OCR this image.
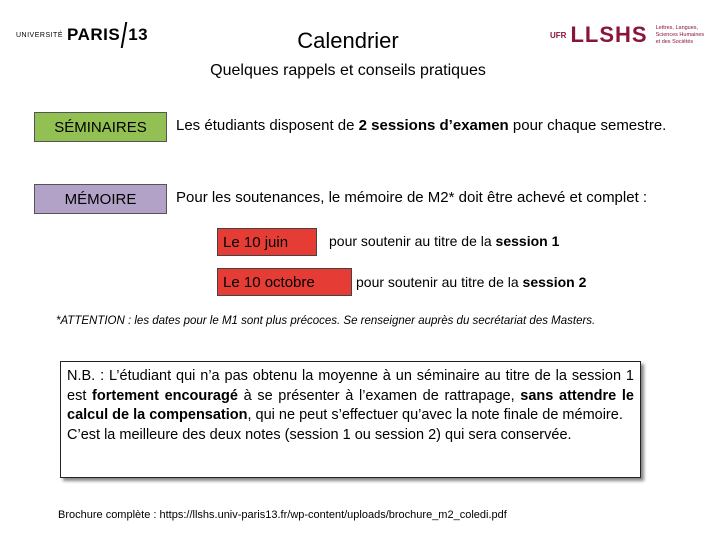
UNIVERSITÉ PARIS 13	Calendrier	UFR LLSHS Lettres, Langues,
Sciences Humaines
et des Sociétés
Quelques rappels et conseils pratiques
SÉMINAIRES Les étudiants disposent de 2 sessions d’examen pour chaque semestre.
MÉMOIRE	Pour les soutenances, le mémoire de M2* doit être achevé et complet :
Le 10 juin	pour soutenir au titre de la session 1
Le 10 octobre	pour soutenir au titre de la session 2
*ATTENTION : les dates pour le M1 sont plus précoces. Se renseigner auprès du secrétariat des Masters.

N.B. : L’étudiant qui n’a pas obtenu la moyenne à un séminaire au titre de la session 1 est fortement encouragé à se présenter à l’examen de rattrapage, sans attendre le calcul de la compensation, qui ne peut s’effectuer qu’avec la note finale de mémoire.

C’est la meilleure des deux notes (session 1 ou session 2) qui sera conservée.

Brochure complète : https://llshs.univ-paris13.fr/wp-content/uploads/brochure_m2_coledi.pdf
